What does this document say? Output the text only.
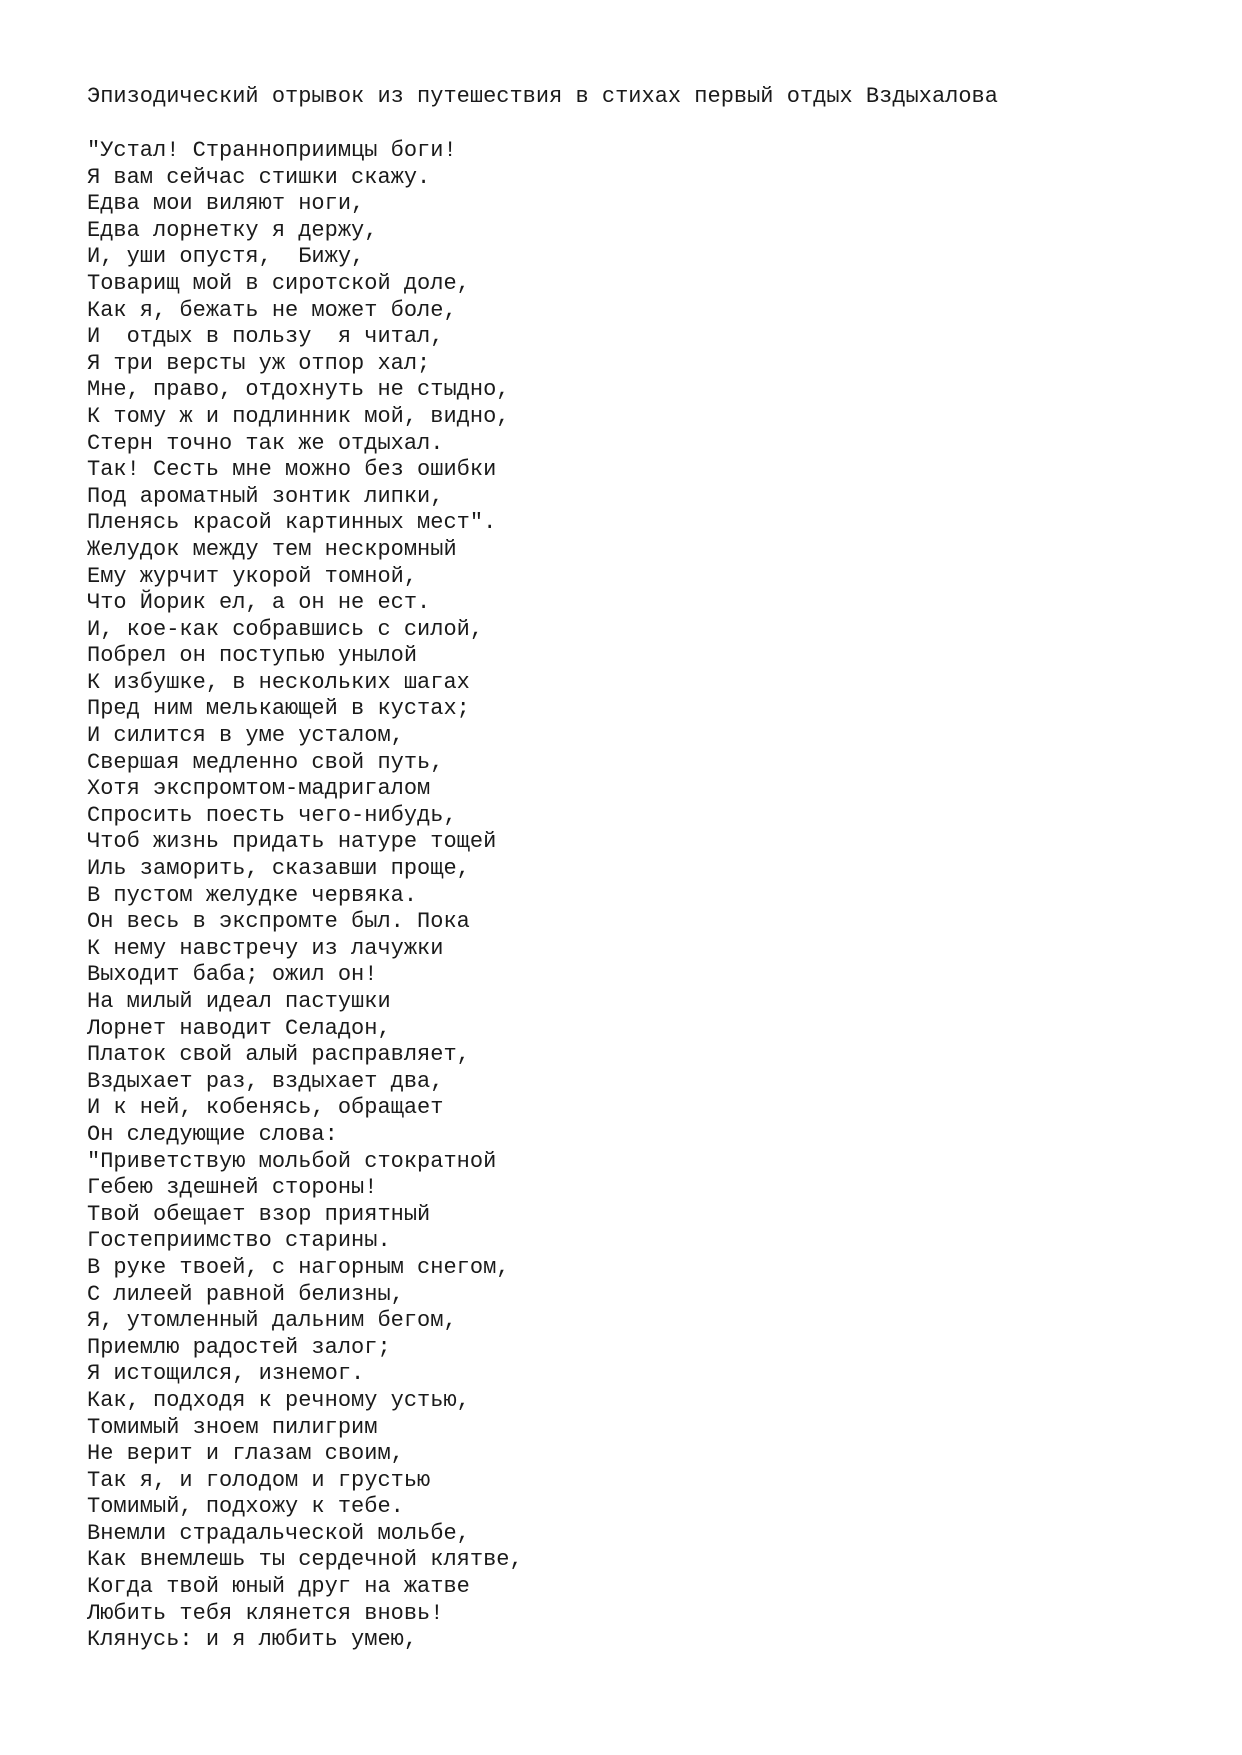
Эпизодический отрывок из путешествия в стихах первый отдых Вздыхалова
"Устал! Странноприимцы боги!
Я вам сейчас стишки скажу.
Едва мои виляют ноги,
Едва лорнетку я держу,
И, уши опустя,  Бижу,
Товарищ мой в сиротской доле,
Как я, бежать не может боле,
И  отдых в пользу  я читал,
Я три версты уж отпор хал;
Мне, право, отдохнуть не стыдно,
К тому ж и подлинник мой, видно,
Стерн точно так же отдыхал.
Так! Сесть мне можно без ошибки
Под ароматный зонтик липки,
Пленясь красой картинных мест".
Желудок между тем нескромный
Ему журчит укорой томной,
Что Йорик ел, а он не ест.
И, кое-как собравшись с силой,
Побрел он поступью унылой
К избушке, в нескольких шагах
Пред ним мелькающей в кустах;
И силится в уме усталом,
Свершая медленно свой путь,
Хотя экспромтом-мадригалом
Спросить поесть чего-нибудь,
Чтоб жизнь придать натуре тощей
Иль заморить, сказавши проще,
В пустом желудке червяка.
Он весь в экспромте был. Пока
К нему навстречу из лачужки
Выходит баба; ожил он!
На милый идеал пастушки
Лорнет наводит Селадон,
Платок свой алый расправляет,
Вздыхает раз, вздыхает два,
И к ней, кобенясь, обращает
Он следующие слова:
"Приветствую мольбой стократной
Гебею здешней стороны!
Твой обещает взор приятный
Гостеприимство старины.
В руке твоей, с нагорным снегом,
С лилеей равной белизны,
Я, утомленный дальним бегом,
Приемлю радостей залог;
Я истощился, изнемог.
Как, подходя к речному устью,
Томимый зноем пилигрим
Не верит и глазам своим,
Так я, и голодом и грустью
Томимый, подхожу к тебе.
Внемли страдальческой мольбе,
Как внемлешь ты сердечной клятве,
Когда твой юный друг на жатве
Любить тебя клянется вновь!
Клянусь: и я любить умею,
